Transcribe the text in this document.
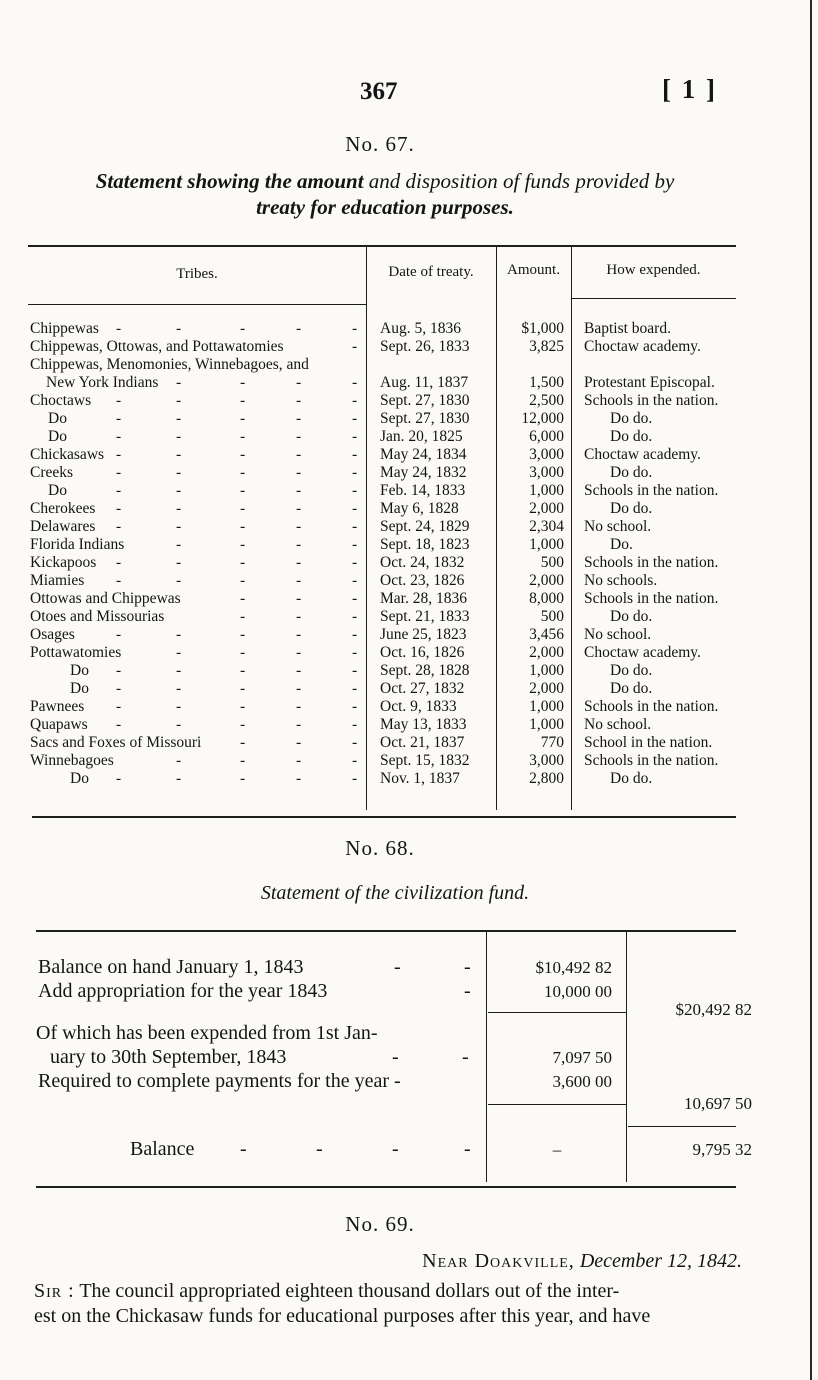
367	[ 1 ]
No. 67.
Statement showing the amount and disposition of funds provided by
treaty for education purposes.
Tribes.	Date of treaty.	Amount.	How expended.
Chippewas -	-	-	-	- Aug. 5, 1836	$1,000 Baptist board.
Chippewas, Ottowas, and Pottawatomies	- Sept. 26, 1833	3,825 Choctaw academy.
Chippewas, Menomonies, Winnebagoes, and
New York Indians -	-	-	- Aug. 11, 1837	1,500 Protestant Episcopal.
Choctaws -	-	-	-	- Sept. 27, 1830	2,500 Schools in the nation.
Do	-	-	-	-	- Sept. 27, 1830	12,000	Do do.
Do	-	-	-	-	- Jan. 20, 1825	6,000	Do do.
Chickasaws -	-	-	-	- May 24, 1834	3,000 Choctaw academy.
Creeks	-	-	-	-	- May 24, 1832	3,000	Do do.
Do	-	-	-	-	- Feb. 14, 1833	1,000 Schools in the nation.
Cherokees -	-	-	-	- May 6, 1828	2,000	Do do.
Delawares -	-	-	-	- Sept. 24, 1829	2,304 No school.
Florida Indians	-	-	-	- Sept. 18, 1823	1,000	Do.
Kickapoos -	-	-	-	- Oct. 24, 1832	500 Schools in the nation.
Miamies -	-	-	-	- Oct. 23, 1826	2,000 No schools.
Ottowas and Chippewas	-	-	- Mar. 28, 1836	8,000 Schools in the nation.
Otoes and Missourias	-	-	- Sept. 21, 1833	500	Do do.
Osages	-	-	-	-	- June 25, 1823	3,456 No school.
Pottawatomies	-	-	-	- Oct. 16, 1826	2,000 Choctaw academy.
Do -	-	-	-	- Sept. 28, 1828	1,000	Do do.
Do -	-	-	-	- Oct. 27, 1832	2,000	Do do.
Pawnees -	-	-	-	- Oct. 9, 1833	1,000 Schools in the nation.
Quapaws -	-	-	-	- May 13, 1833	1,000 No school.
Sacs and Foxes of Missouri -	-	- Oct. 21, 1837	770 School in the nation.
Winnebagoes	-	-	-	- Sept. 15, 1832	3,000 Schools in the nation.
Do -	-	-	-	- Nov. 1, 1837	2,800	Do do.
No. 68.
Statement of the civilization fund.
Balance on hand January 1, 1843	-	-	$10,492 82
Add appropriation for the year 1843	-	10,000 00
$20,492 82
Of which has been expended from 1st Jan-
uary to 30th September, 1843	-	-	7,097 50
Required to complete payments for the year -	3,600 00
10,697 50
Balance -	-	-	-	–	9,795 32
No. 69.
Near Doakville, December 12, 1842.
Sir : The council appropriated eighteen thousand dollars out of the inter-
est on the Chickasaw funds for educational purposes after this year, and have
